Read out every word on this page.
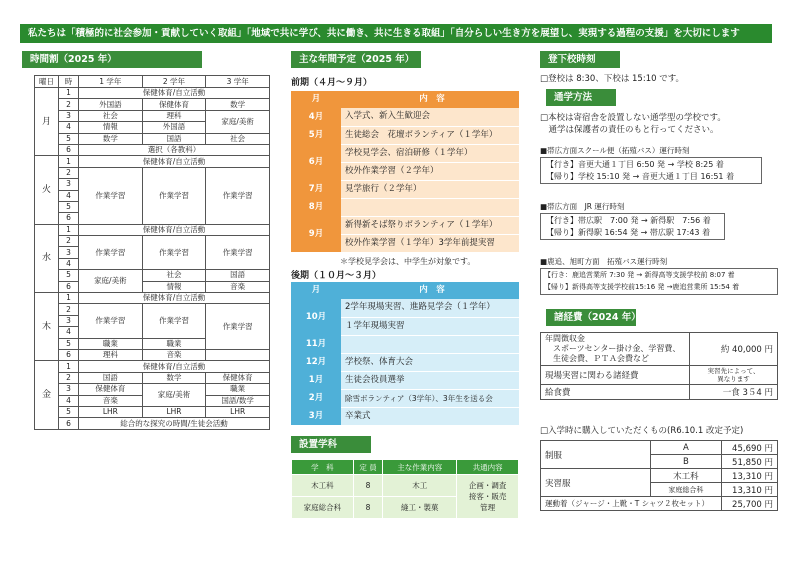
私たちは「積極的に社会参加・貢献していく取組」「地域で共に学び、共に働き、共に生きる取組」「自分らしい生き方を展望し、実現する過程の支援」を大切にします
時間割（2025 年）
曜日	時	1 学年	2 学年	3 学年
月	1	保健体育/自立活動		
	2	外国語	保健体育	数学
	3	社会	理科	家庭/美術
	4	情報	外国語	
	5	数学	国語	社会
	6	選択（各教科）		
火	1	保健体育/自立活動		
	2	作業学習	作業学習	作業学習
	3			
	4			
	5			
	6			
水	1	保健体育/自立活動		
	2	作業学習	作業学習	作業学習
	3			
	4			
	5	家庭/美術	社会	国語
	6		情報	音楽
木	1	保健体育/自立活動		
	2	作業学習	作業学習	作業学習
	3			
	4			
	5	職業	職業	
	6	理科	音楽	
金	1	保健体育/自立活動		
	2	国語	数学	保健体育
	3	保健体育	家庭/美術	職業
	4	音楽		国語/数学
	5	LHR	LHR	LHR
	6	総合的な探究の時間/生徒会活動		
主な年間予定（2025 年）
前期（４月～９月）
月	内　容
4月	入学式、新入生歓迎会
5月	生徒総会　花壇ボランティア（１学年）
6月	学校見学会、宿泊研修（１学年）
	校外作業学習（２学年）
7月	見学旅行（２学年）
8月	
9月	新得新そば祭りボランティア（１学年）
	校外作業学習（１学年）3学年前提実習
＊学校見学会は、中学生が対象です。
後期（１０月～３月）
月	内　容
10月	2学年現場実習、進路見学会（１学年）
	１学年現場実習
11月	
12月	学校祭、体育大会
1月	生徒会役員選挙
2月	除雪ボランティア（3学年）、3年生を送る会
3月	卒業式
設置学科
学　科	定 員	主な作業内容	共通内容
木工科	8	木工	企画・調査
接客・販売
管理
家庭総合科	8	縫工・製菓	
登下校時刻
□登校は 8:30、下校は 15:10 です。
通学方法
□本校は寄宿舎を設置しない通学型の学校です。
　通学は保護者の責任のもと行ってください。
■帯広方面スクール便（拓殖バス）運行時刻
【行き】音更大通１丁目 6:50 発 → 学校 8:25 着
【帰り】学校 15:10 発 → 音更大通１丁目 16:51 着
■帯広方面　JR 運行時刻
【行き】帯広駅　7:00 発 → 新得駅　7:56 着
【帰り】新得駅 16:54 発 → 帯広駅 17:43 着
■鹿追、旭町方面　拓殖バス運行時刻
【行き：鹿追営業所 7:30 発 → 新得高等支援学校前 8:07 着
【帰り】新得高等支援学校前15:16 発 →鹿追営業所 15:54 着
諸経費（2024 年）
年間徴収金
　スポーツセンター掛け金、学習費、
　生徒会費、ＰＴＡ会費など	約 40,000 円
現場実習に関わる諸経費	実習先によって、
異なります
給食費	一食 3５4 円
□入学時に購入していただくもの(R6.10.1 改定予定)
制服	A	45,690 円
	B	51,850 円
実習服	木工科	13,310 円
	家庭総合科	13,310 円
運動着（ジャージ・上靴・T シャツ２枚セット）		25,700 円
